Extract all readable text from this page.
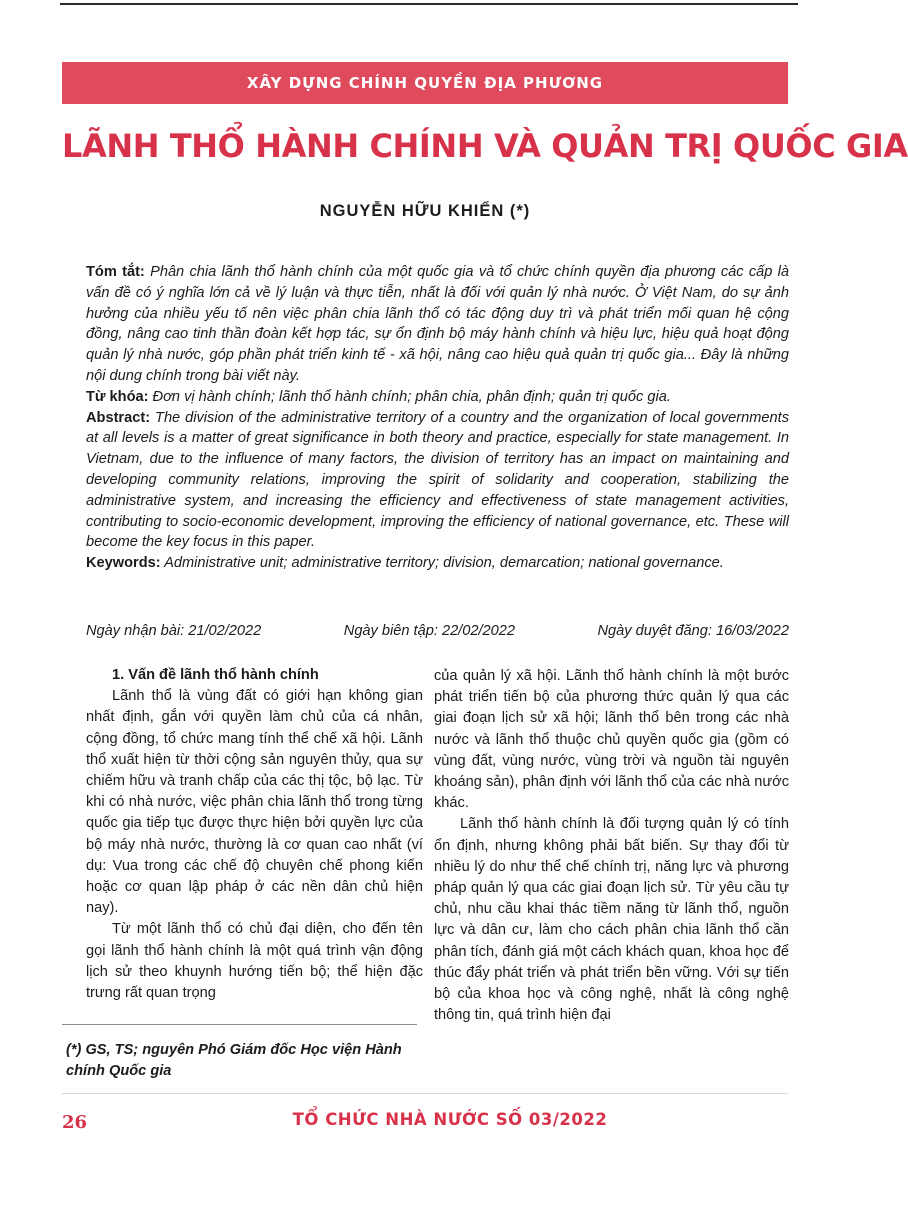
XÂY DỰNG CHÍNH QUYỀN ĐỊA PHƯƠNG
LÃNH THỔ HÀNH CHÍNH VÀ QUẢN TRỊ QUỐC GIA
NGUYỄN HỮU KHIỂN (*)

Tóm tắt: Phân chia lãnh thổ hành chính của một quốc gia và tổ chức chính quyền địa phương các cấp là vấn đề có ý nghĩa lớn cả về lý luận và thực tiễn, nhất là đối với quản lý nhà nước. Ở Việt Nam, do sự ảnh hưởng của nhiều yếu tố nên việc phân chia lãnh thổ có tác động duy trì và phát triển mối quan hệ cộng đồng, nâng cao tinh thần đoàn kết hợp tác, sự ổn định bộ máy hành chính và hiệu lực, hiệu quả hoạt động quản lý nhà nước, góp phần phát triển kinh tế - xã hội, nâng cao hiệu quả quản trị quốc gia... Đây là những nội dung chính trong bài viết này.

Từ khóa: Đơn vị hành chính; lãnh thổ hành chính; phân chia, phân định; quản trị quốc gia.

Abstract: The division of the administrative territory of a country and the organization of local governments at all levels is a matter of great significance in both theory and practice, especially for state management. In Vietnam, due to the influence of many factors, the division of territory has an impact on maintaining and developing community relations, improving the spirit of solidarity and cooperation, stabilizing the administrative system, and increasing the efficiency and effectiveness of state management activities, contributing to socio-economic development, improving the efficiency of national governance, etc. These will become the key focus in this paper.

Keywords: Administrative unit; administrative territory; division, demarcation; national governance.

Ngày nhận bài: 21/02/2022	Ngày biên tập: 22/02/2022	Ngày duyệt đăng: 16/03/2022

1. Vấn đề lãnh thổ hành chính

Lãnh thổ là vùng đất có giới hạn không gian nhất định, gắn với quyền làm chủ của cá nhân, cộng đồng, tổ chức mang tính thể chế xã hội. Lãnh thổ xuất hiện từ thời cộng sản nguyên thủy, qua sự chiếm hữu và tranh chấp của các thị tộc, bộ lạc. Từ khi có nhà nước, việc phân chia lãnh thổ trong từng quốc gia tiếp tục được thực hiện bởi quyền lực của bộ máy nhà nước, thường là cơ quan cao nhất (ví dụ: Vua trong các chế độ chuyên chế phong kiến hoặc cơ quan lập pháp ở các nền dân chủ hiện nay).

Từ một lãnh thổ có chủ đại diện, cho đến tên gọi lãnh thổ hành chính là một quá trình vận động lịch sử theo khuynh hướng tiến bộ; thể hiện đặc trưng rất quan trọng

của quản lý xã hội. Lãnh thổ hành chính là một bước phát triển tiến bộ của phương thức quản lý qua các giai đoạn lịch sử xã hội; lãnh thổ bên trong các nhà nước và lãnh thổ thuộc chủ quyền quốc gia (gồm có vùng đất, vùng nước, vùng trời và nguồn tài nguyên khoáng sản), phân định với lãnh thổ của các nhà nước khác.

Lãnh thổ hành chính là đối tượng quản lý có tính ổn định, nhưng không phải bất biến. Sự thay đổi từ nhiều lý do như thể chế chính trị, năng lực và phương pháp quản lý qua các giai đoạn lịch sử. Từ yêu cầu tự chủ, nhu cầu khai thác tiềm năng từ lãnh thổ, nguồn lực và dân cư, làm cho cách phân chia lãnh thổ cần phân tích, đánh giá một cách khách quan, khoa học để thúc đẩy phát triển và phát triển bền vững. Với sự tiến bộ của khoa học và công nghệ, nhất là công nghệ thông tin, quá trình hiện đại

(*) GS, TS; nguyên Phó Giám đốc Học viện Hành chính Quốc gia
26	TỔ CHỨC NHÀ NƯỚC SỐ 03/2022
